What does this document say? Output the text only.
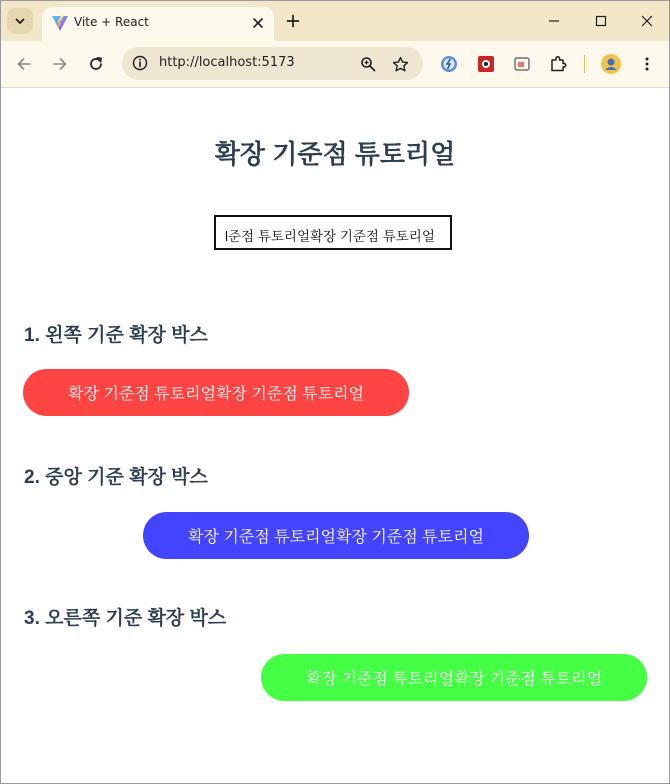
Vite + React
http://localhost:5173
확장 기준점 튜토리얼
l준점 튜토리얼확장 기준점 튜토리얼
1. 왼쪽 기준 확장 박스
확장 기준점 튜토리얼확장 기준점 튜토리얼
2. 중앙 기준 확장 박스
확장 기준점 튜토리얼확장 기준점 튜토리얼
3. 오른쪽 기준 확장 박스
확장 기준점 튜토리얼확장 기준점 튜토리얼
